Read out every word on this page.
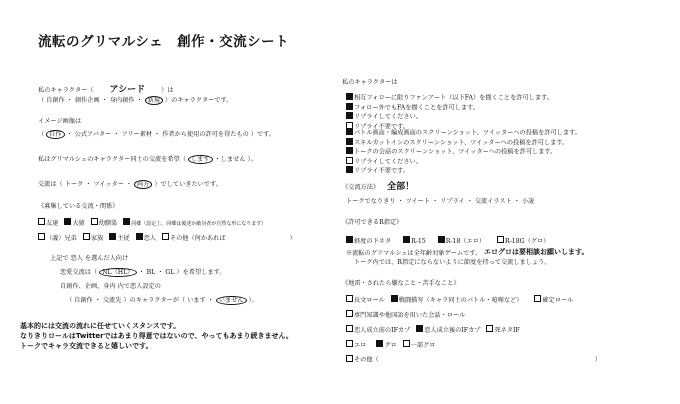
流転のグリマルシェ　創作・交流シート
私のキャラクター（ アシード	）は
（ 自創作 ・ 創作企画 ・ 身内創作 ・ 新規 ）のキャラクターです。
イメージ画像は
（ 自作 ・ 公式アバター ・ フリー素材 ・ 作者から使用の許可を得たもの ）です。
私はグリマルシェのキャラクター同士の交流を希望（ します ・しません ）。
交流は（ トーク ・ ツイッター ・ 両方 ）でしていきたいです。
《募集している交流・関係》
友達 大猿 幼馴染	同郷（設定上、同郷は後述か敵対者が自然な形になります）
（義）兄弟 家族 主従 恋人 その他（何かあれば	）
上記で 恋人 を選んだ人向け
恋愛交流は（ NL（HL） ・ BL ・ GL ）を希望します。
自創作、企画、身内 内で恋人設定の
（ 自創作 ・ 交流先 ）のキャラクターが（ います ・ いません ）。
基本的には交流の流れに任せていくスタンスです。
なりきりロールはTwitterではあまり得意ではないので、やってもあまり続きません。
トークでキャラ交流できると嬉しいです。
私のキャラクターは
相互フォローに限りファンアート（以下FA）を描くことを許可します。
フォロー外でもFAを描くことを許可します。
リプライしてください。
リプライ不要です。
バトル画面・編成画面のスクリーンショット、ツイッターへの投稿を許可します。
スキルカットインのスクリーンショット、ツイッターへの投稿を許可します。
トークの会話のスクリーンショット、ツイッターへの投稿を許可します。
リプライしてください。
リプライ不要です。
《交流方法》 全部！
トークでなりきり ・ ツイート ・ リプライ ・ 交流イラスト ・ 小説
《許可できるR指定》
軽度の下ネタ	R-15	R-18（エロ）	R-18G（グロ）
エログロは要相談お願いします。
※流転のグリマルシェは全年齢対象ゲームです。
トーク内では、R指定にならないように節度を持って交流しましょう。
《地雷・されたら嫌なこと・苦手なこと》
長文ロール 戦闘描写（キャラ同士のバトル・喧嘩など）	確定ロール
専門知識や他国語を用いた会話・ロール
恋人成立前のIFカプ 恋人成立後のIFカプ 死ネタIF
エロ	グロ 一部グロ
その他（	）
